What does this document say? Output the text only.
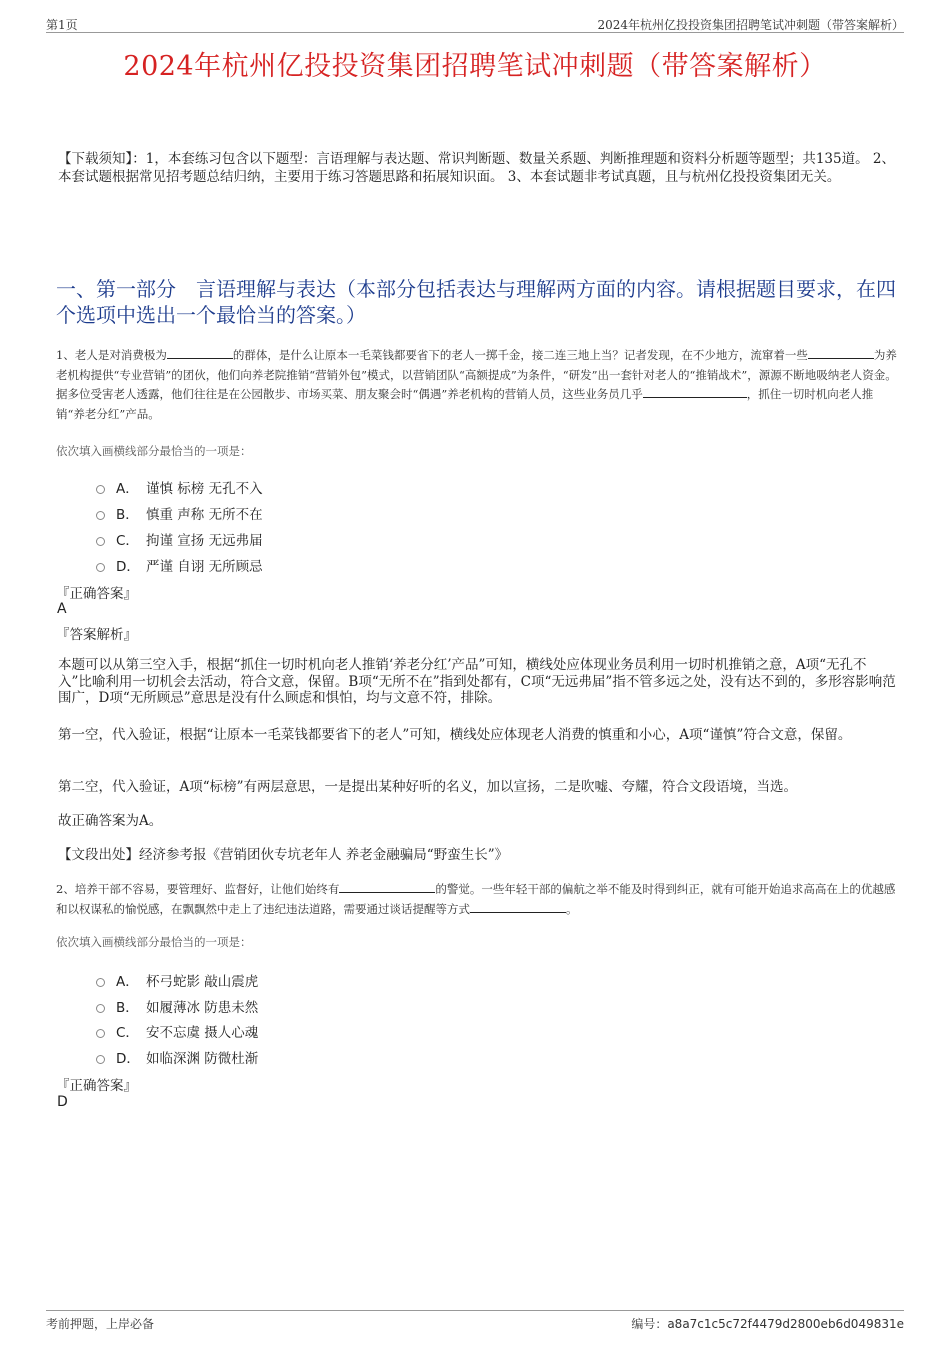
第1页	2024年杭州亿投投资集团招聘笔试冲刺题（带答案解析）
2024年杭州亿投投资集团招聘笔试冲刺题（带答案解析）
【下载须知】：1，本套练习包含以下题型：言语理解与表达题、常识判断题、数量关系题、判断推理题和资料分析题等题型；共135道。 2、本套试题根据常见招考题总结归纳，主要用于练习答题思路和拓展知识面。 3、本套试题非考试真题，且与杭州亿投投资集团无关。
一、第一部分　言语理解与表达（本部分包括表达与理解两方面的内容。请根据题目要求，在四个选项中选出一个最恰当的答案。）
1、老人是对消费极为	的群体，是什么让原本一毛菜钱都要省下的老人一掷千金，接二连三地上当？记者发现，在不少地方，流窜着一些	为养老机构提供“专业营销”的团伙，他们向养老院推销“营销外包”模式，以营销团队“高额提成”为条件，“研发”出一套针对老人的“推销战术”，源源不断地吸纳老人资金。据多位受害老人透露，他们往往是在公园散步、市场买菜、朋友聚会时“偶遇”养老机构的营销人员，这些业务员几乎	，抓住一切时机向老人推销“养老分红”产品。
依次填入画横线部分最恰当的一项是：
A． 谨慎 标榜 无孔不入
B． 慎重 声称 无所不在
C． 拘谨 宣扬 无远弗届
D． 严谨 自诩 无所顾忌
『正确答案』
A
『答案解析』
本题可以从第三空入手，根据“抓住一切时机向老人推销‘养老分红’产品”可知，横线处应体现业务员利用一切时机推销之意，A项“无孔不入”比喻利用一切机会去活动，符合文意，保留。B项“无所不在”指到处都有，C项“无远弗届”指不管多远之处，没有达不到的，多形容影响范围广，D项“无所顾忌”意思是没有什么顾虑和惧怕，均与文意不符，排除。
第一空，代入验证，根据“让原本一毛菜钱都要省下的老人”可知，横线处应体现老人消费的慎重和小心，A项“谨慎”符合文意，保留。
第二空，代入验证，A项“标榜”有两层意思，一是提出某种好听的名义，加以宣扬，二是吹嘘、夸耀，符合文段语境，当选。
故正确答案为A。
【文段出处】经济参考报《营销团伙专坑老年人 养老金融骗局“野蛮生长”》
2、培养干部不容易，要管理好、监督好，让他们始终有	的警觉。一些年轻干部的偏航之举不能及时得到纠正，就有可能开始追求高高在上的优越感和以权谋私的愉悦感，在飘飘然中走上了违纪违法道路，需要通过谈话提醒等方式	。
依次填入画横线部分最恰当的一项是：
A． 杯弓蛇影 敲山震虎
B． 如履薄冰 防患未然
C． 安不忘虞 摄人心魂
D． 如临深渊 防微杜渐
『正确答案』
D
考前押题，上岸必备	编号：a8a7c1c5c72f4479d2800eb6d049831e
